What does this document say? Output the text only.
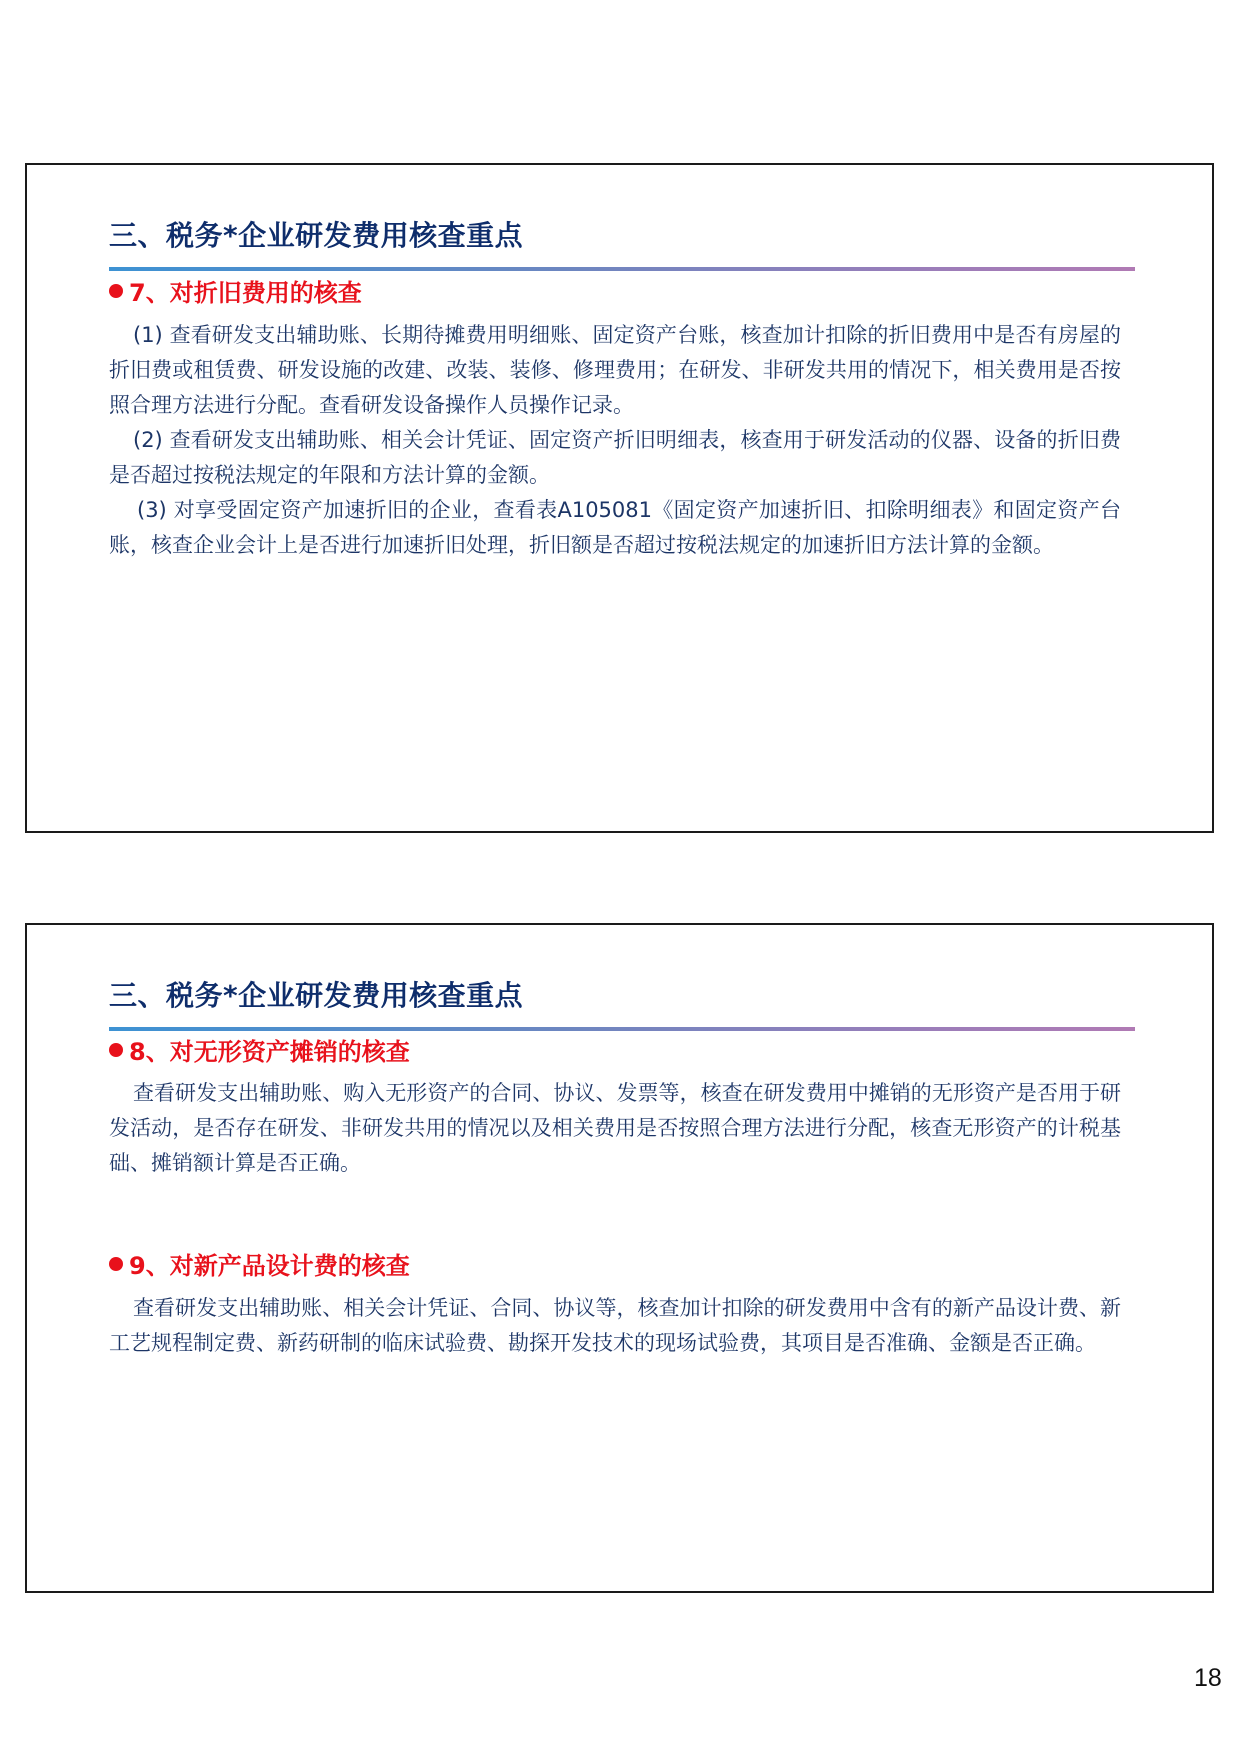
三、税务*企业研发费用核查重点
7、对折旧费用的核查

(1) 查看研发支出辅助账、长期待摊费用明细账、固定资产台账，核查加计扣除的折旧费用中是否有房屋的折旧费或租赁费、研发设施的改建、改装、装修、修理费用；在研发、非研发共用的情况下，相关费用是否按照合理方法进行分配。查看研发设备操作人员操作记录。

(2) 查看研发支出辅助账、相关会计凭证、固定资产折旧明细表，核查用于研发活动的仪器、设备的折旧费是否超过按税法规定的年限和方法计算的金额。

(3) 对享受固定资产加速折旧的企业，查看表A105081《固定资产加速折旧、扣除明细表》和固定资产台账，核查企业会计上是否进行加速折旧处理，折旧额是否超过按税法规定的加速折旧方法计算的金额。

三、税务*企业研发费用核查重点
8、对无形资产摊销的核查

查看研发支出辅助账、购入无形资产的合同、协议、发票等，核查在研发费用中摊销的无形资产是否用于研发活动，是否存在研发、非研发共用的情况以及相关费用是否按照合理方法进行分配，核查无形资产的计税基础、摊销额计算是否正确。

9、对新产品设计费的核查

查看研发支出辅助账、相关会计凭证、合同、协议等，核查加计扣除的研发费用中含有的新产品设计费、新工艺规程制定费、新药研制的临床试验费、勘探开发技术的现场试验费，其项目是否准确、金额是否正确。

18
